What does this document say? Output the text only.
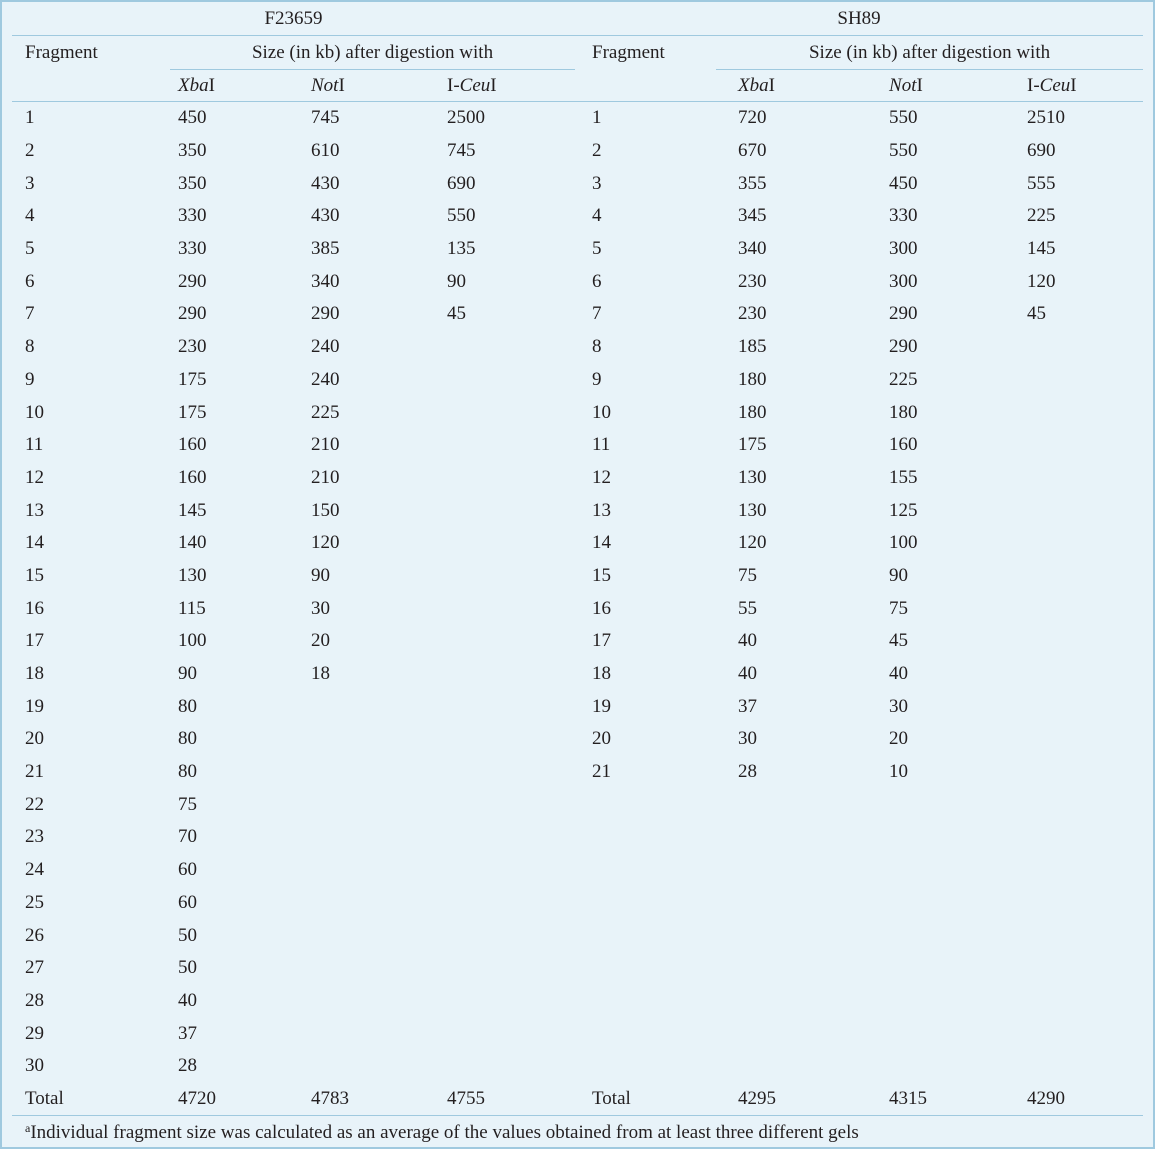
F23659				SH89			
Fragment	Size (in kb) after digestion with			Fragment	Size (in kb) after digestion with		
	XbaI	NotI	I-CeuI		XbaI	NotI	I-CeuI
1	450	745	2500	1	720	550	2510
2	350	610	745	2	670	550	690
3	350	430	690	3	355	450	555
4	330	430	550	4	345	330	225
5	330	385	135	5	340	300	145
6	290	340	90	6	230	300	120
7	290	290	45	7	230	290	45
8	230	240		8	185	290	
9	175	240		9	180	225	
10	175	225		10	180	180	
11	160	210		11	175	160	
12	160	210		12	130	155	
13	145	150		13	130	125	
14	140	120		14	120	100	
15	130	90		15	75	90	
16	115	30		16	55	75	
17	100	20		17	40	45	
18	90	18		18	40	40	
19	80			19	37	30	
20	80			20	30	20	
21	80			21	28	10	
22	75						
23	70						
24	60						
25	60						
26	50						
27	50						
28	40						
29	37						
30	28						
Total	4720	4783	4755	Total	4295	4315	4290
$^a$Individual fragment size was calculated as an average of the values obtained from at least three different gels							
